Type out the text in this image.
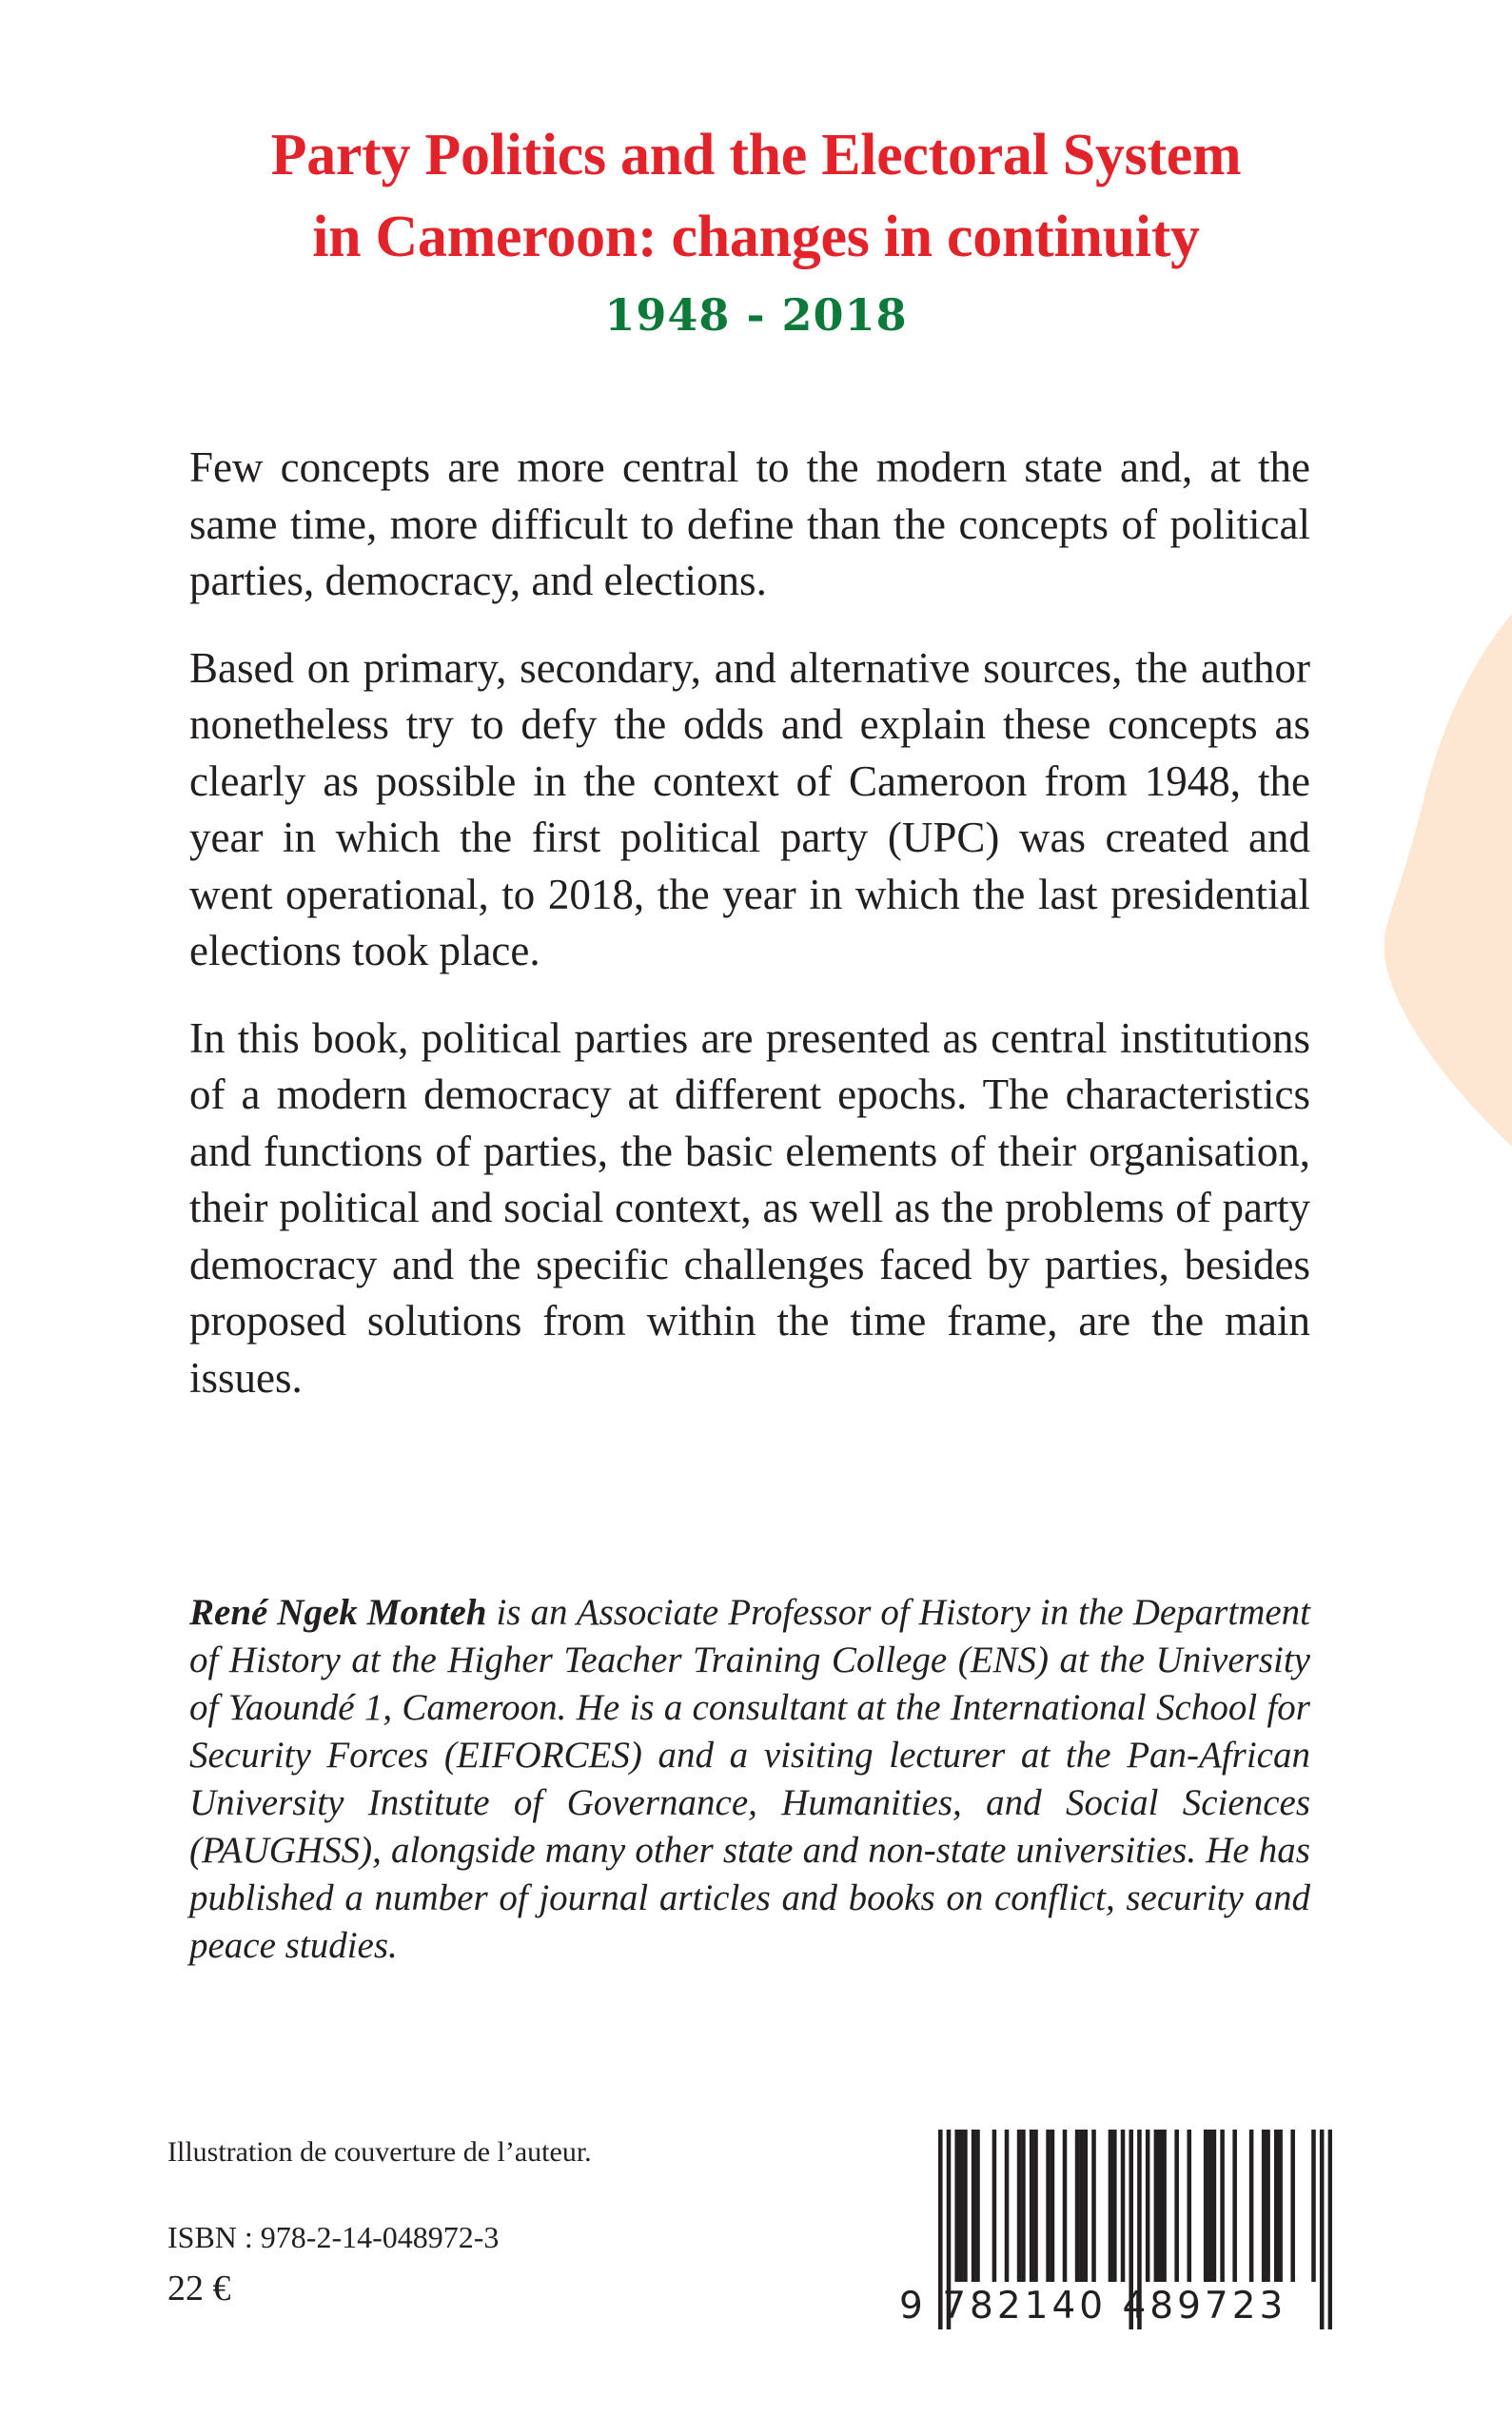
Party Politics and the Electoral System
in Cameroon: changes in continuity
1948 - 2018

Few concepts are more central to the modern state and, at the same time, more difficult to define than the concepts of political parties, democracy, and elections.

Based on primary, secondary, and alternative sources, the author nonetheless try to defy the odds and explain these concepts as clearly as possible in the context of Cameroon from 1948, the year in which the first political party (UPC) was created and went operational, to 2018, the year in which the last presidential elections took place.

In this book, political parties are presented as central institutions of a modern democracy at different epochs. The characteristics and functions of parties, the basic elements of their organisation, their political and social context, as well as the problems of party democracy and the specific challenges faced by parties, besides proposed solutions from within the time frame, are the main issues.

René Ngek Monteh is an Associate Professor of History in the Department of History at the Higher Teacher Training College (ENS) at the University of Yaoundé 1, Cameroon. He is a consultant at the International School for Security Forces (EIFORCES) and a visiting lecturer at the Pan-African University Institute of Governance, Humanities, and Social Sciences (PAUGHSS), alongside many other state and non-state universities. He has published a number of journal articles and books on conflict, security and peace studies.

Illustration de couverture de l’auteur.
ISBN : 978-2-14-048972-3
22 €	9 782140 489723
